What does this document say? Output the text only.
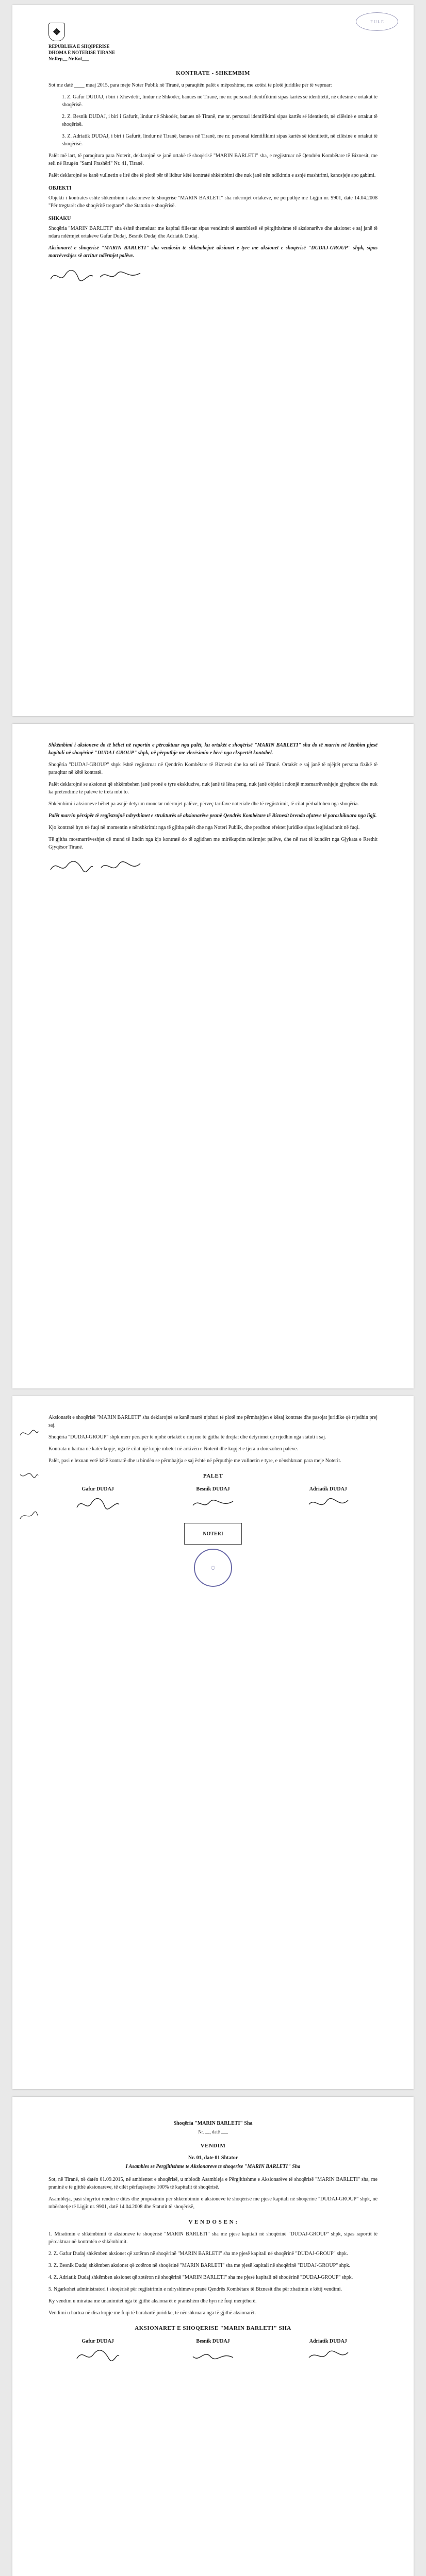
F U L E
❖
REPUBLIKA E SHQIPERISE
DHOMA E NOTERISE TIRANE
Nr.Rep__ Nr.Kol___
KONTRATE - SHKEMBIM

Sot me datë ____ muaj 2015, para meje Noter Publik në Tiranë, u paraqitën palët e mëposhtme, me zotësi të plotë juridike për të vepruar:

1. Z. Gafur DUDAJ, i biri i Xhevdetit, lindur në Shkodër, banues në Tiranë, me nr. personal identifikimi sipas kartës së identitetit, në cilësinë e ortakut të shoqërisë.

2. Z. Besnik DUDAJ, i biri i Gafurit, lindur në Shkodër, banues në Tiranë, me nr. personal identifikimi sipas kartës së identitetit, në cilësinë e ortakut të shoqërisë.

3. Z. Adriatik DUDAJ, i biri i Gafurit, lindur në Tiranë, banues në Tiranë, me nr. personal identifikimi sipas kartës së identitetit, në cilësinë e ortakut të shoqërisë.

Palët më lart, të paraqitura para Noterit, deklarojnë se janë ortakë të shoqërisë "MARIN BARLETI" sha, e regjistruar në Qendrën Kombëtare të Biznesit, me seli në Rrugën "Sami Frashëri" Nr. 41, Tiranë.

Palët deklarojnë se kanë vullnetin e lirë dhe të plotë për të lidhur këtë kontratë shkëmbimi dhe nuk janë nën ndikimin e asnjë mashtrimi, kanosjeje apo gabimi.

OBJEKTI

Objekti i kontratës është shkëmbimi i aksioneve të shoqërisë "MARIN BARLETI" sha ndërmjet ortakëve, në përputhje me Ligjin nr. 9901, datë 14.04.2008 "Për tregtarët dhe shoqëritë tregtare" dhe Statutin e shoqërisë.

SHKAKU

Shoqëria "MARIN BARLETI" sha është themeluar me kapital fillestar sipas vendimit të asamblesë së përgjithshme të aksionarëve dhe aksionet e saj janë të ndara ndërmjet ortakëve Gafur Dudaj, Besnik Dudaj dhe Adriatik Dudaj.

Aksionarët e shoqërisë "MARIN BARLETI" sha vendosin të shkëmbejnë aksionet e tyre me aksionet e shoqërisë "DUDAJ-GROUP" shpk, sipas marrëveshjes së arritur ndërmjet palëve.

Shkëmbimi i aksioneve do të bëhet në raportin e përcaktuar nga palët, ku ortakët e shoqërisë "MARIN BARLETI" sha do të marrin në këmbim pjesë kapitali në shoqërinë "DUDAJ-GROUP" shpk, në përputhje me vlerësimin e bërë nga ekspertët kontabël.

Shoqëria "DUDAJ-GROUP" shpk është regjistruar në Qendrën Kombëtare të Biznesit dhe ka seli në Tiranë. Ortakët e saj janë të njëjtët persona fizikë të paraqitur në këtë kontratë.

Palët deklarojnë se aksionet që shkëmbehen janë pronë e tyre ekskluzive, nuk janë të lëna peng, nuk janë objekt i ndonjë mosmarrëveshjeje gjyqësore dhe nuk ka pretendime të palëve të treta mbi to.

Shkëmbimi i aksioneve bëhet pa asnjë detyrim monetar ndërmjet palëve, përveç tarifave noteriale dhe të regjistrimit, të cilat përballohen nga shoqëria.

Palët marrin përsipër të regjistrojnë ndryshimet e strukturës së aksionarëve pranë Qendrës Kombëtare të Biznesit brenda afateve të parashikuara nga ligji.

Kjo kontratë hyn në fuqi në momentin e nënshkrimit nga të gjitha palët dhe nga Noteri Publik, dhe prodhon efektet juridike sipas legjislacionit në fuqi.

Të gjitha mosmarrëveshjet që mund të lindin nga kjo kontratë do të zgjidhen me mirëkuptim ndërmjet palëve, dhe në rast të kundërt nga Gjykata e Rrethit Gjyqësor Tiranë.

Aksionarët e shoqërisë "MARIN BARLETI" sha deklarojnë se kanë marrë njohuri të plotë me përmbajtjen e kësaj kontrate dhe pasojat juridike që rrjedhin prej saj.

Shoqëria "DUDAJ-GROUP" shpk merr përsipër të njohë ortakët e rinj me të gjitha të drejtat dhe detyrimet që rrjedhin nga statuti i saj.

Kontrata u hartua në katër kopje, nga të cilat një kopje mbetet në arkivën e Noterit dhe kopjet e tjera u dorëzohen palëve.

Palët, pasi e lexuan vetë këtë kontratë dhe u bindën se përmbajtja e saj është në përputhje me vullnetin e tyre, e nënshkruan para meje Noterit.

PALET
Gafur DUDAJ	Besnik DUDAJ	Adriatik DUDAJ
NOTERI
◯
Shoqëria "MARIN BARLETI" Sha
Nr. __, datë ___
VENDIM
Nr. 01, date 01 Shtator
I Asambles se Pergjithshme te Aksionareve te shoqerise "MARIN BARLETI" Sha

Sot, në Tiranë, në datën 01.09.2015, në ambientet e shoqërisë, u mblodh Asambleja e Përgjithshme e Aksionarëve të shoqërisë "MARIN BARLETI" sha, me praninë e të gjithë aksionarëve, të cilët përfaqësojnë 100% të kapitalit të shoqërisë.

Asambleja, pasi shqyrtoi rendin e ditës dhe propozimin për shkëmbimin e aksioneve të shoqërisë me pjesë kapitali në shoqërinë "DUDAJ-GROUP" shpk, në mbështetje të Ligjit nr. 9901, datë 14.04.2008 dhe Statutit të shoqërisë,

V E N D O S E N :

1. Miratimin e shkëmbimit të aksioneve të shoqërisë "MARIN BARLETI" sha me pjesë kapitali në shoqërinë "DUDAJ-GROUP" shpk, sipas raportit të përcaktuar në kontratën e shkëmbimit.

2. Z. Gafur Dudaj shkëmben aksionet që zotëron në shoqërinë "MARIN BARLETI" sha me pjesë kapitali në shoqërinë "DUDAJ-GROUP" shpk.

3. Z. Besnik Dudaj shkëmben aksionet që zotëron në shoqërinë "MARIN BARLETI" sha me pjesë kapitali në shoqërinë "DUDAJ-GROUP" shpk.

4. Z. Adriatik Dudaj shkëmben aksionet që zotëron në shoqërinë "MARIN BARLETI" sha me pjesë kapitali në shoqërinë "DUDAJ-GROUP" shpk.

5. Ngarkohet administratori i shoqërisë për regjistrimin e ndryshimeve pranë Qendrës Kombëtare të Biznesit dhe për zbatimin e këtij vendimi.

Ky vendim u miratua me unanimitet nga të gjithë aksionarët e pranishëm dhe hyn në fuqi menjëherë.

Vendimi u hartua në disa kopje me fuqi të barabartë juridike, të nënshkruara nga të gjithë aksionarët.

AKSIONARET E SHOQERISE "MARIN BARLETI" SHA
Gafur DUDAJ	Besnik DUDAJ	Adriatik DUDAJ
